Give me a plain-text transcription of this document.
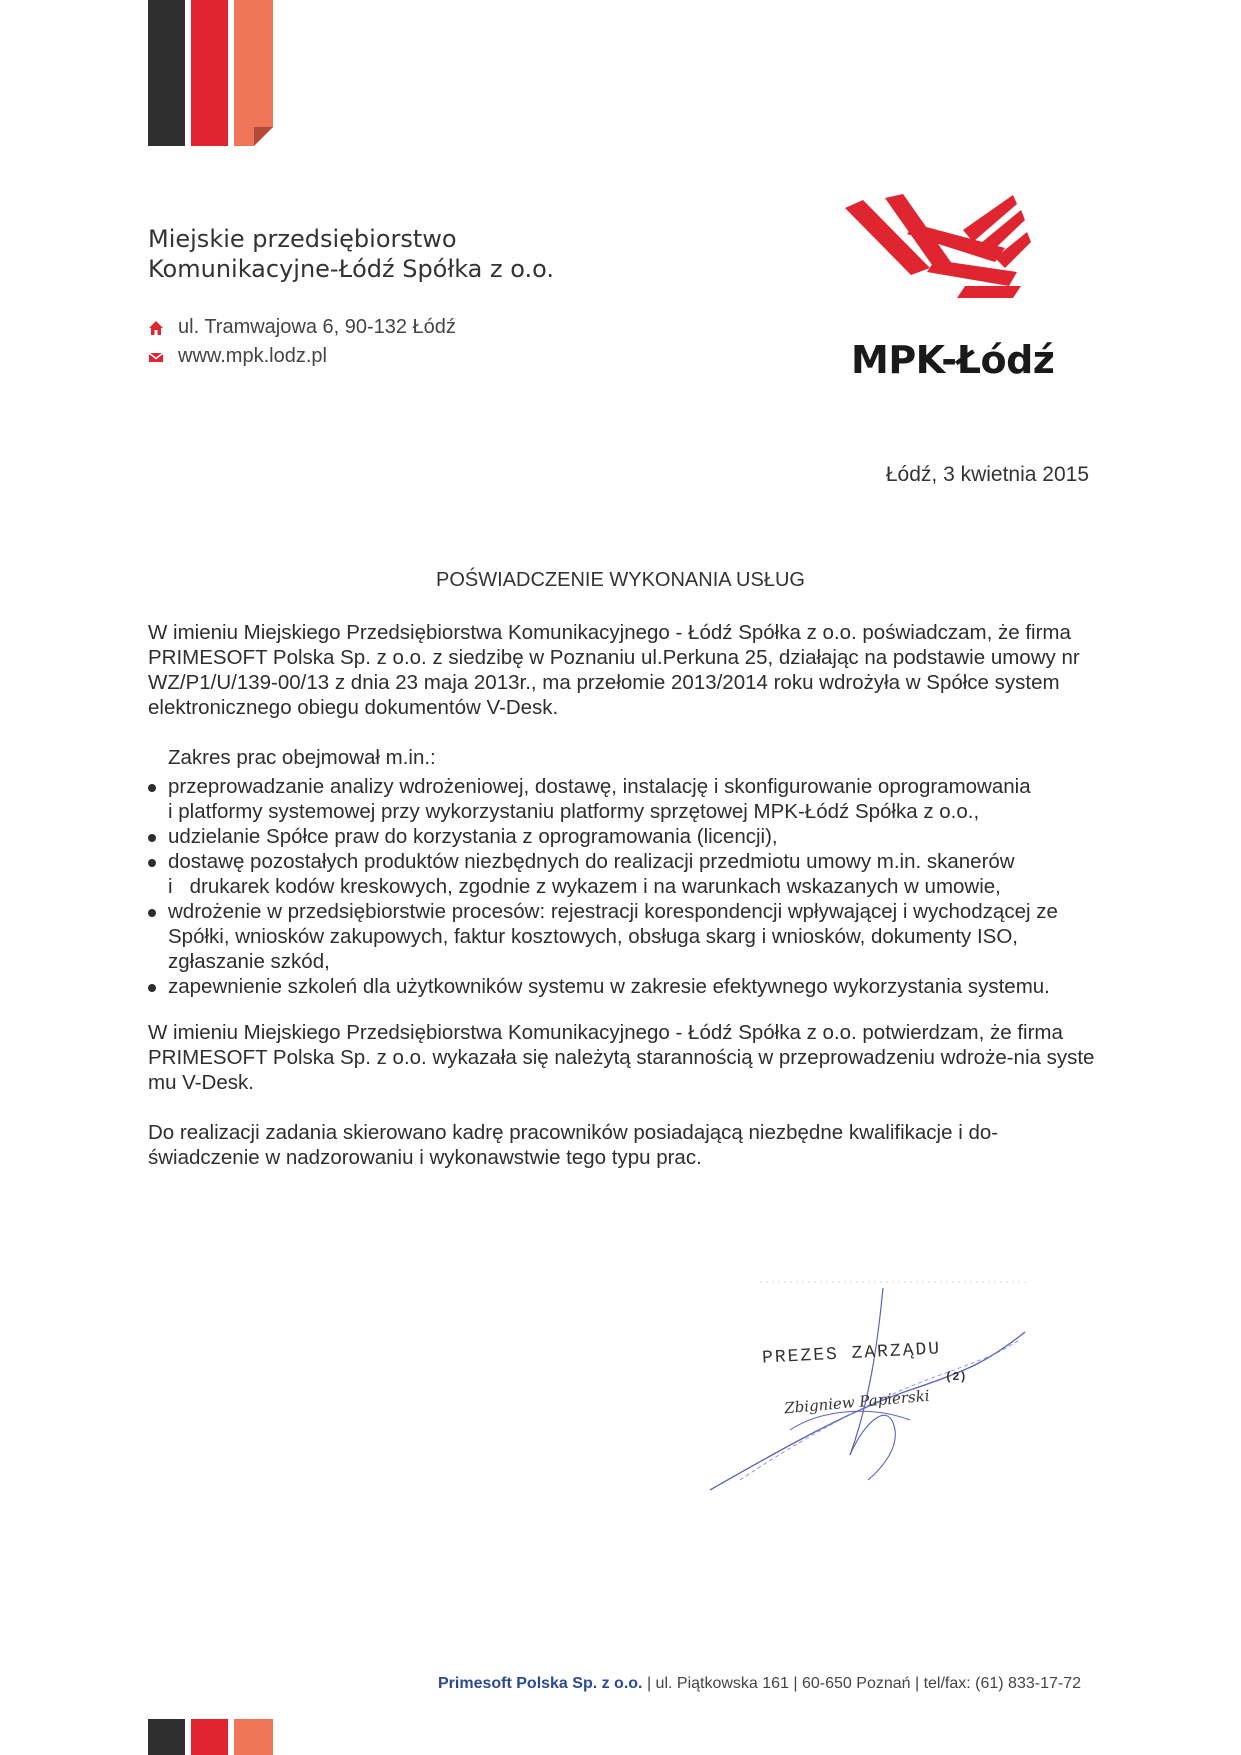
Miejskie przedsiębiorstwo
Komunikacyjne-Łódź Spółka z o.o.
ul. Tramwajowa 6, 90-132 Łódź
www.mpk.lodz.pl	MPK-Łódź
Łódź, 3 kwietnia 2015
POŚWIADCZENIE WYKONANIA USŁUG
W imieniu Miejskiego Przedsiębiorstwa Komunikacyjnego - Łódź Spółka z o.o. poświadczam, że firma
PRIMESOFT Polska Sp. z o.o. z siedzibę w Poznaniu ul.Perkuna 25, działając na podstawie umowy nr
WZ/P1/U/139-00/13 z dnia 23 maja 2013r., ma przełomie 2013/2014 roku wdrożyła w Spółce system
elektronicznego obiegu dokumentów V-Desk.
Zakres prac obejmował m.in.:
przeprowadzanie analizy wdrożeniowej, dostawę, instalację i skonfigurowanie oprogramowania
i platformy systemowej przy wykorzystaniu platformy sprzętowej MPK-Łódź Spółka z o.o.,
udzielanie Spółce praw do korzystania z oprogramowania (licencji),
dostawę pozostałych produktów niezbędnych do realizacji przedmiotu umowy m.in. skanerów
i   drukarek kodów kreskowych, zgodnie z wykazem i na warunkach wskazanych w umowie,
wdrożenie w przedsiębiorstwie procesów: rejestracji korespondencji wpływającej i wychodzącej ze
Spółki, wniosków zakupowych, faktur kosztowych, obsługa skarg i wniosków, dokumenty ISO,
zgłaszanie szkód,
zapewnienie szkoleń dla użytkowników systemu w zakresie efektywnego wykorzystania systemu.
W imieniu Miejskiego Przedsiębiorstwa Komunikacyjnego - Łódź Spółka z o.o. potwierdzam, że firma
PRIMESOFT Polska Sp. z o.o. wykazała się należytą starannością w przeprowadzeniu wdroże-nia syste
mu V-Desk.
Do realizacji zadania skierowano kadrę pracowników posiadającą niezbędne kwalifikacje i do-
świadczenie w nadzorowaniu i wykonawstwie tego typu prac.
PREZES ZARZĄDU
(2)
Zbigniew Papierski
Primesoft Polska Sp. z o.o. | ul. Piątkowska 161 | 60-650 Poznań | tel/fax: (61) 833-17-72
